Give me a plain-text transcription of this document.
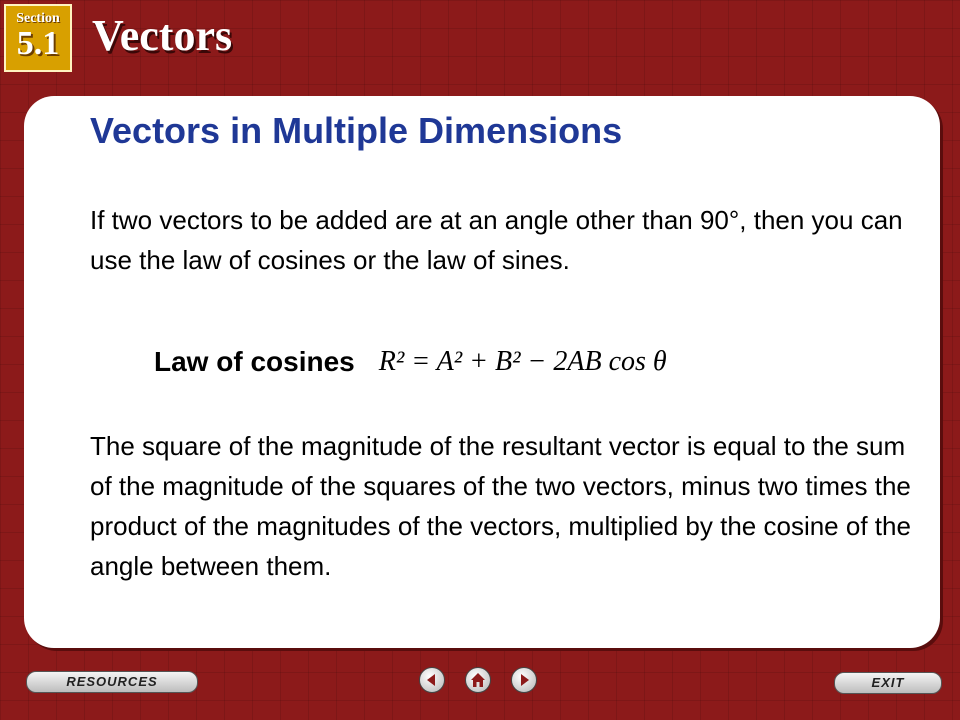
Section
5.1 Vectors
Vectors in Multiple Dimensions

If two vectors to be added are at an angle other than 90°, then you can use the law of cosines or the law of sines.

Law of cosines R² = A² + B² − 2AB cos θ

The square of the magnitude of the resultant vector is equal to the sum of the magnitude of the squares of the two vectors, minus two times the product of the magnitudes of the vectors, multiplied by the cosine of the angle between them.

RESOURCES	EXIT
